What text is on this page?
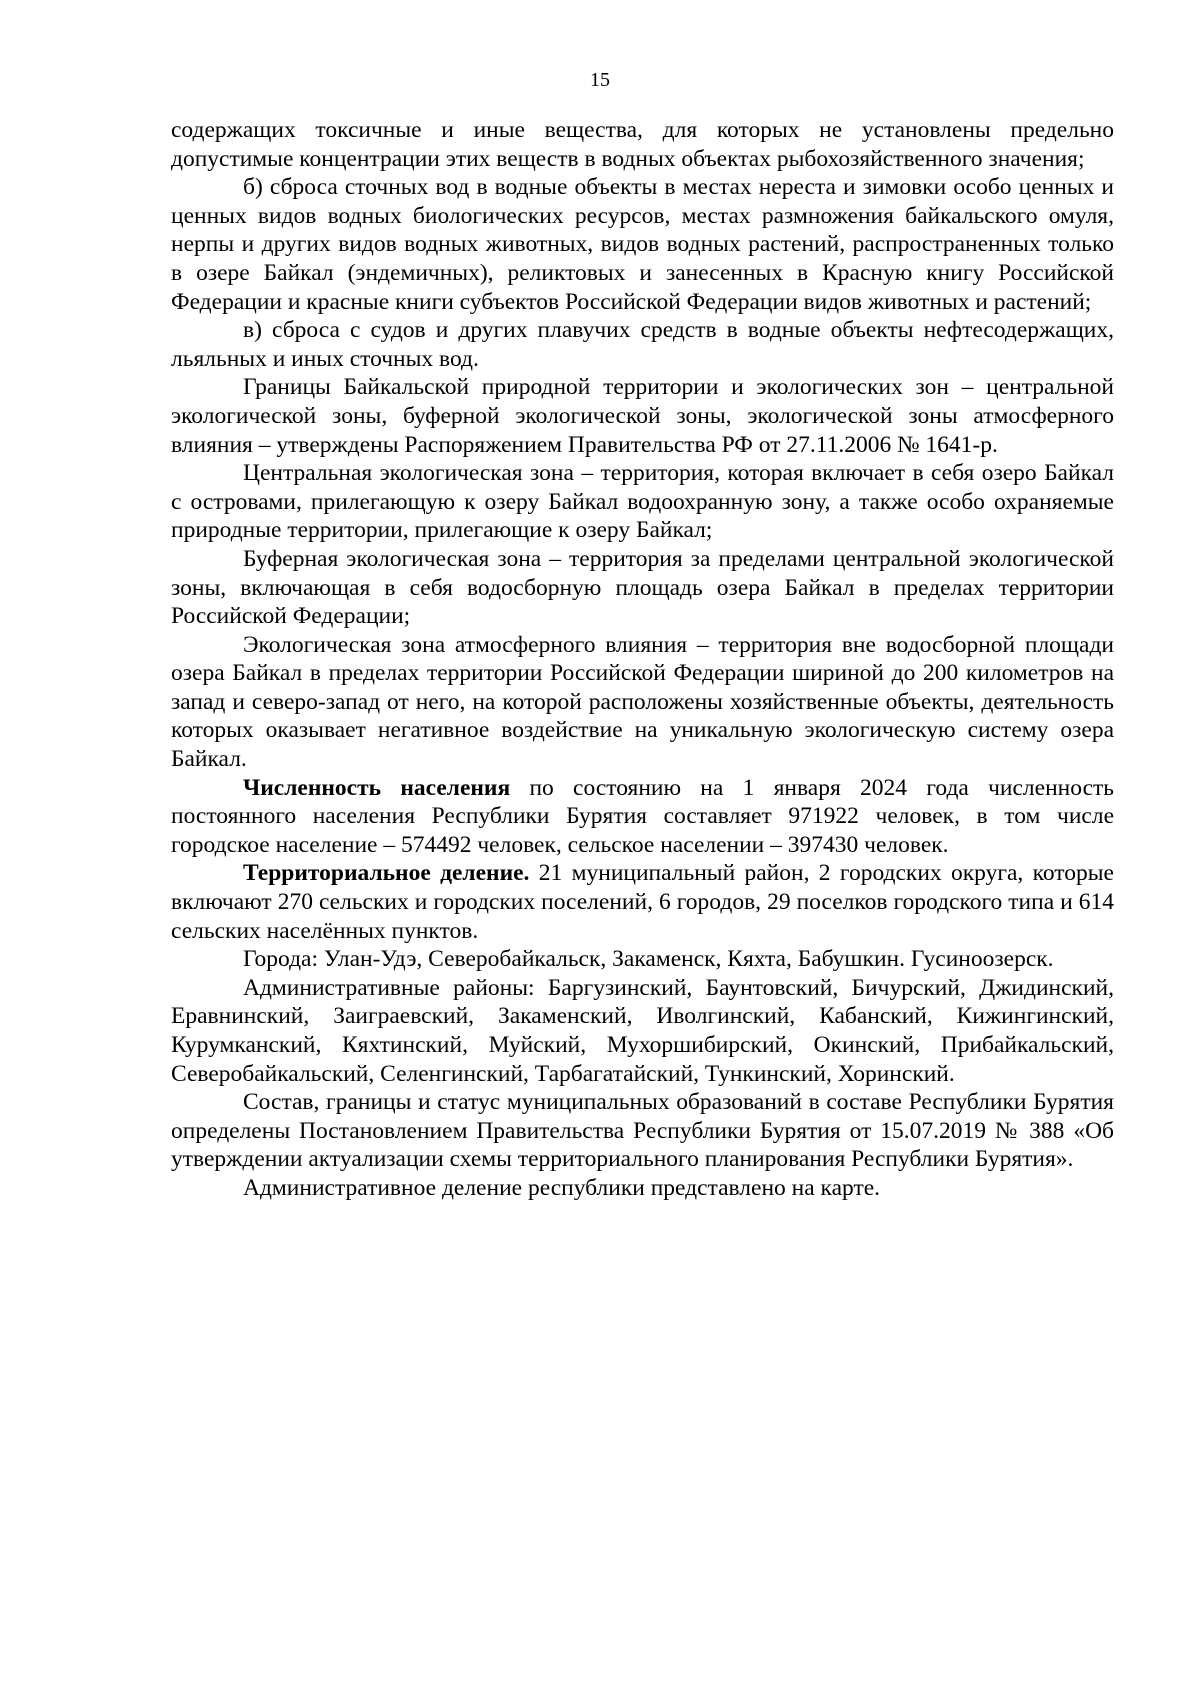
15

содержащих токсичные и иные вещества, для которых не установлены предельно допустимые концентрации этих веществ в водных объектах рыбохозяйственного значения;

б) сброса сточных вод в водные объекты в местах нереста и зимовки особо ценных и ценных видов водных биологических ресурсов, местах размножения байкальского омуля, нерпы и других видов водных животных, видов водных растений, распространенных только в озере Байкал (эндемичных), реликтовых и занесенных в Красную книгу Российской Федерации и красные книги субъектов Российской Федерации видов животных и растений;

в) сброса с судов и других плавучих средств в водные объекты нефтесодержащих, льяльных и иных сточных вод.

Границы Байкальской природной территории и экологических зон – центральной экологической зоны, буферной экологической зоны, экологической зоны атмосферного влияния – утверждены Распоряжением Правительства РФ от 27.11.2006 № 1641-р.

Центральная экологическая зона – территория, которая включает в себя озеро Байкал с островами, прилегающую к озеру Байкал водоохранную зону, а также особо охраняемые природные территории, прилегающие к озеру Байкал;

Буферная экологическая зона – территория за пределами центральной экологической зоны, включающая в себя водосборную площадь озера Байкал в пределах территории Российской Федерации;

Экологическая зона атмосферного влияния – территория вне водосборной площади озера Байкал в пределах территории Российской Федерации шириной до 200 километров на запад и северо-запад от него, на которой расположены хозяйственные объекты, деятельность которых оказывает негативное воздействие на уникальную экологическую систему озера Байкал.

Численность населения по состоянию на 1 января 2024 года численность постоянного населения Республики Бурятия составляет 971922 человек, в том числе городское население – 574492 человек, сельское населении – 397430 человек.

Территориальное деление. 21 муниципальный район, 2 городских округа, которые включают 270 сельских и городских поселений, 6 городов, 29 поселков городского типа и 614 сельских населённых пунктов.

Города: Улан-Удэ, Северобайкальск, Закаменск, Кяхта, Бабушкин. Гусиноозерск.

Административные районы: Баргузинский, Баунтовский, Бичурский, Джидинский, Еравнинский, Заиграевский, Закаменский, Иволгинский, Кабанский, Кижингинский, Курумканский, Кяхтинский, Муйский, Мухоршибирский, Окинский, Прибайкальский, Северобайкальский, Селенгинский, Тарбагатайский, Тункинский, Хоринский.

Состав, границы и статус муниципальных образований в составе Республики Бурятия определены Постановлением Правительства Республики Бурятия от 15.07.2019 № 388 «Об утверждении актуализации схемы территориального планирования Республики Бурятия».

Административное деление республики представлено на карте.
